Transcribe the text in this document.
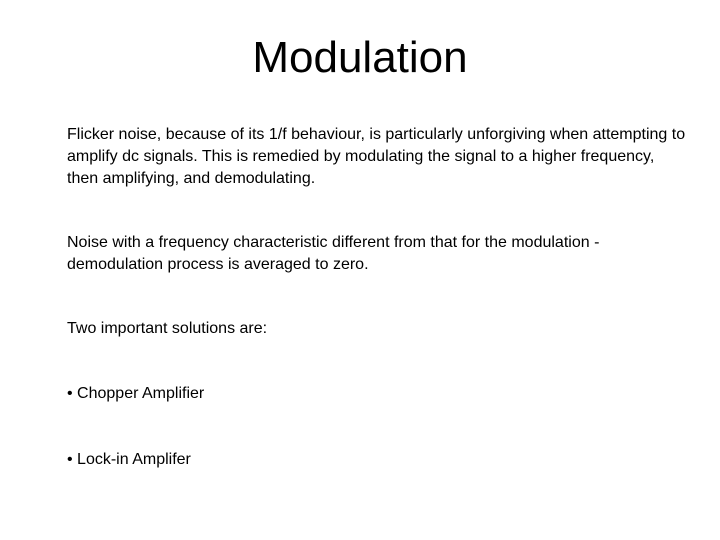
Modulation

Flicker noise, because of its 1/f behaviour, is particularly unforgiving when attempting to amplify dc signals. This is remedied by modulating the signal to a higher frequency, then amplifying, and demodulating.

Noise with a frequency characteristic different from that for the modulation -demodulation process is averaged to zero.

Two important solutions are:

• Chopper Amplifier

• Lock-in Amplifer
